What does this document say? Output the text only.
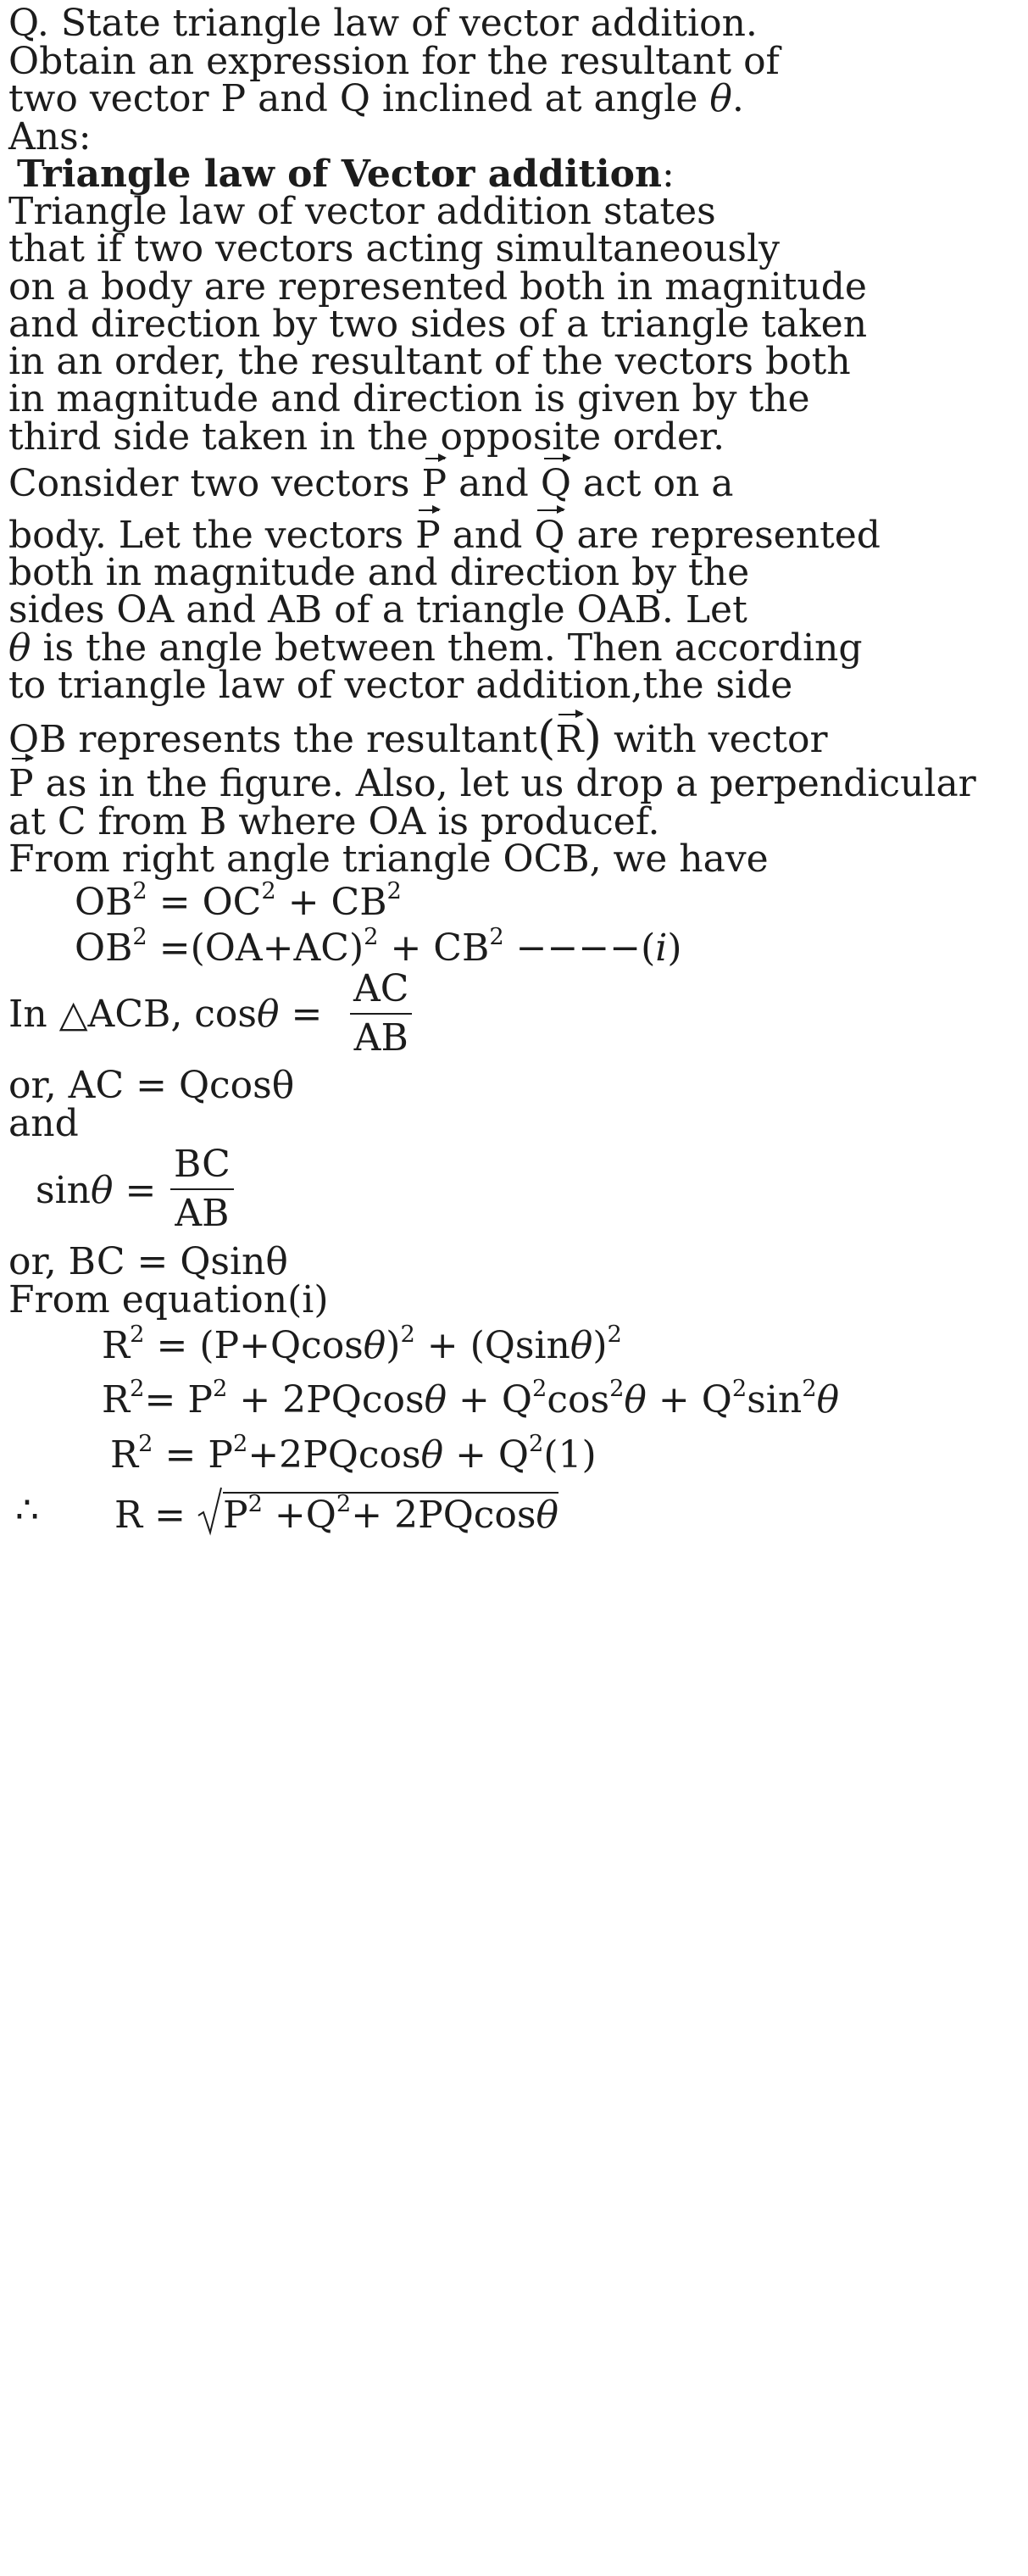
Q. State triangle law of vector addition.
Obtain an expression for the resultant of
two vector P and Q inclined at angle θ.
Ans:
Triangle law of Vector addition:
Triangle law of vector addition states
that if two vectors acting simultaneously
on a body are represented both in magnitude
and direction by two sides of a triangle taken
in an order, the resultant of the vectors both
in magnitude and direction is given by the
third side taken in the opposite order.
Consider two vectors P and Q act on a
body. Let the vectors P and Q are represented
both in magnitude and direction by the
sides OA and AB of a triangle OAB. Let
θ is the angle between them. Then according
to triangle law of vector addition,the side
OB represents the resultant(R) with vector
P as in the figure. Also, let us drop a perpendicular
at C from B where OA is producef.
From right angle triangle OCB, we have
$OB^2 = OC^2 + CB^2$
$OB^2 =(OA+AC)^2 + CB^2 ----(i)$
In △ACB, $\cos\theta = \frac{AC}{AB}$
or, AC = Qcosθ
and
$\sin\theta = \frac{BC}{AB}$
or, BC = Qsinθ
From equation(i)
$R^2 = (P+Qcos\theta)^2 + (Qsin\theta)^2$
$R^2= P^2 + 2PQcos\theta + Q^2\cos^2\theta + Q^2\sin^2\theta$
$R^2 = P^2+2PQcos\theta + Q^2(1)$
∴ R =
$P^2 +Q^2+ 2PQcos\theta$
